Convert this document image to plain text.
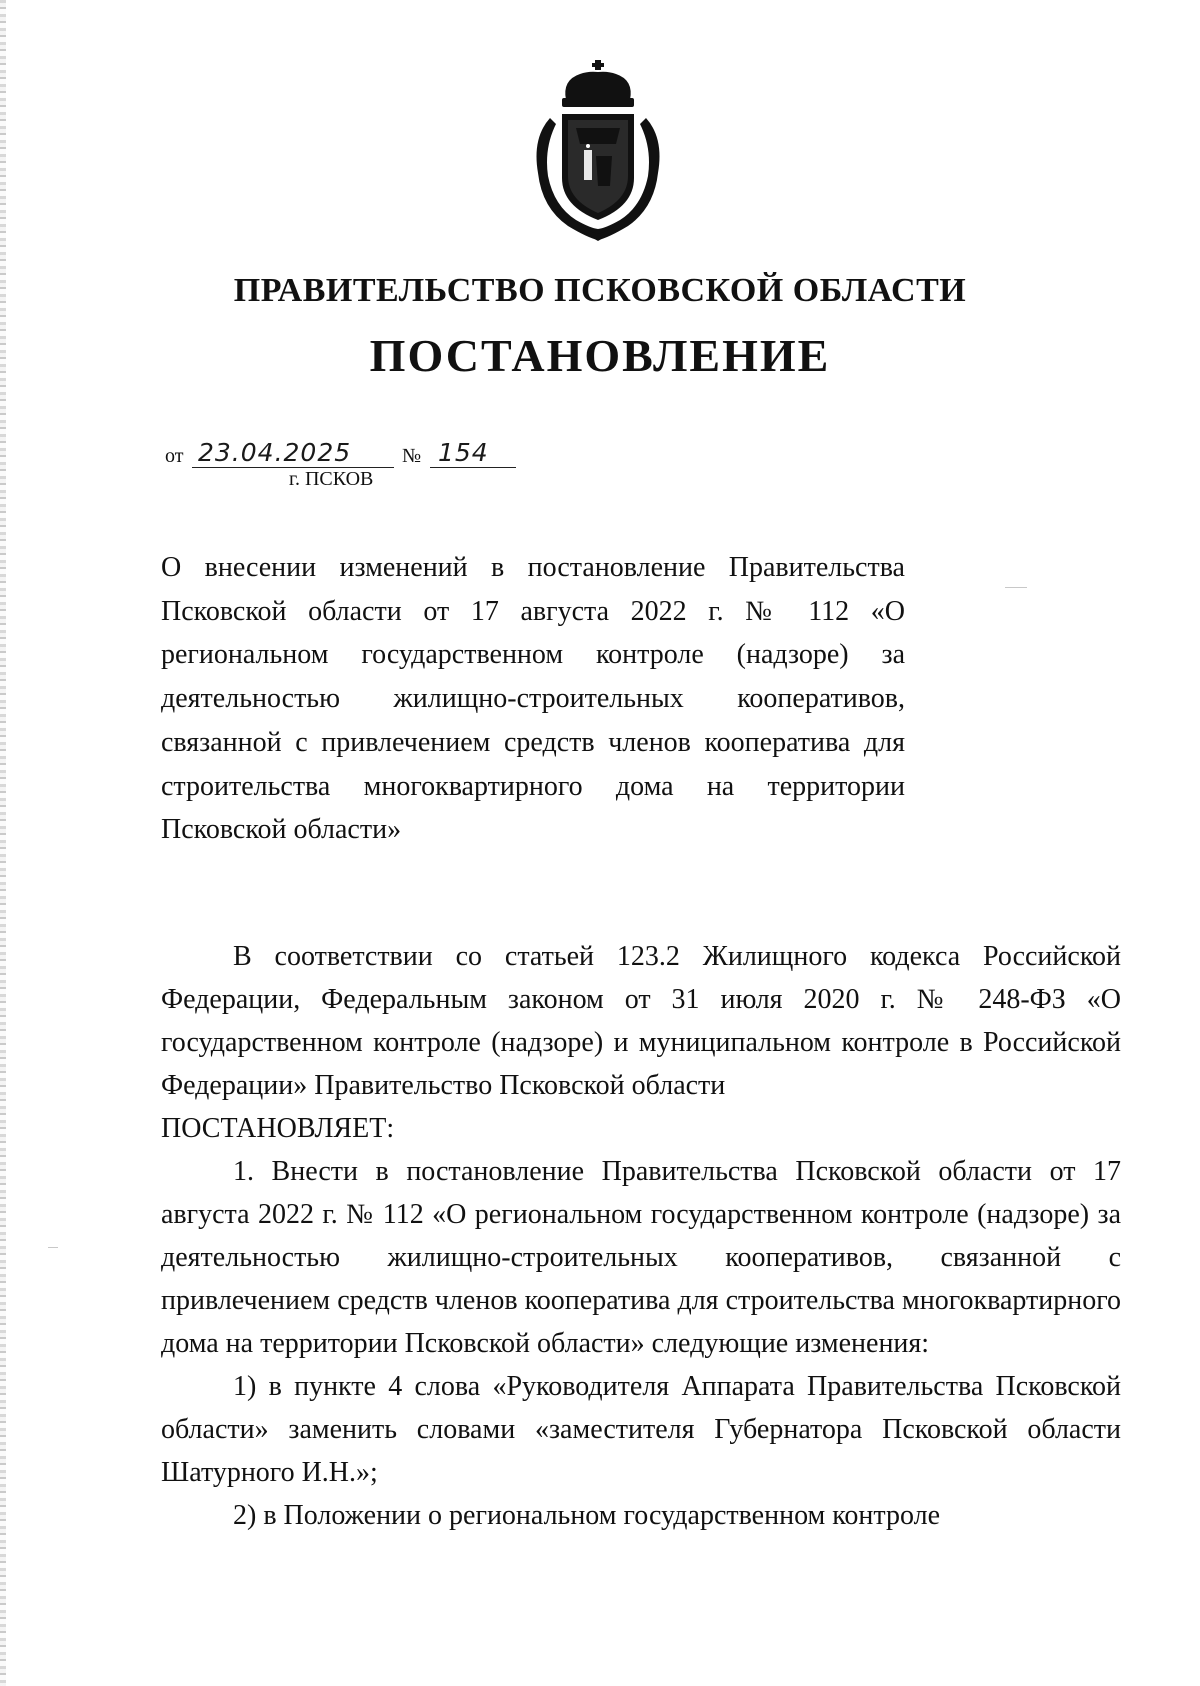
ПРАВИТЕЛЬСТВО ПСКОВСКОЙ ОБЛАСТИ
ПОСТАНОВЛЕНИЕ
от 23.04.2025	№ 154
г. ПСКОВ
О внесении изменений в постановление Правительства Псковской области от 17 августа 2022 г. № 112 «О региональном государственном контроле (надзоре) за деятельностью жилищно-строительных кооперативов, связанной с привлечением средств членов кооператива для строительства многоквартирного дома на территории Псковской области»

В соответствии со статьей 123.2 Жилищного кодекса Российской Федерации, Федеральным законом от 31 июля 2020 г. № 248-ФЗ «О государственном контроле (надзоре) и муниципальном контроле в Российской Федерации» Правительство Псковской области

ПОСТАНОВЛЯЕТ:

1. Внести в постановление Правительства Псковской области от 17 августа 2022 г. № 112 «О региональном государственном контроле (надзоре) за деятельностью жилищно-строительных кооперативов, связанной с привлечением средств членов кооператива для строительства многоквартирного дома на территории Псковской области» следующие изменения:

1) в пункте 4 слова «Руководителя Аппарата Правительства Псковской области» заменить словами «заместителя Губернатора Псковской области Шатурного И.Н.»;

2) в Положении о региональном государственном контроле
